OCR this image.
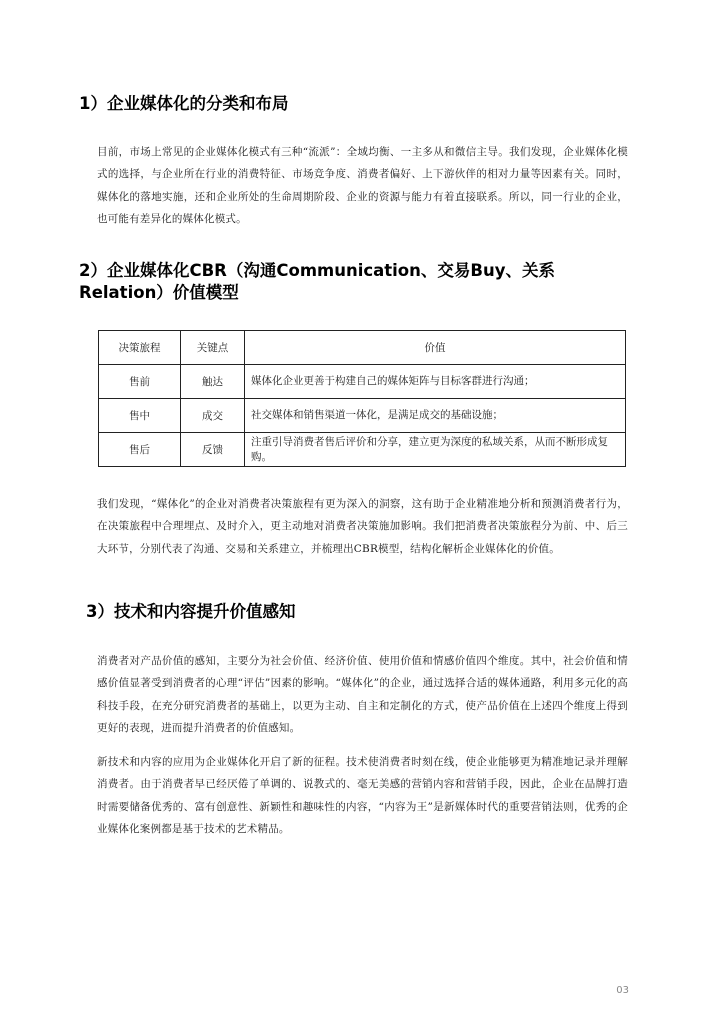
1）企业媒体化的分类和布局

目前，市场上常见的企业媒体化模式有三种“流派”：全域均衡、一主多从和微信主导。我们发现，企业媒体化模式的选择，与企业所在行业的消费特征、市场竞争度、消费者偏好、上下游伙伴的相对力量等因素有关。同时，媒体化的落地实施，还和企业所处的生命周期阶段、企业的资源与能力有着直接联系。所以，同一行业的企业，也可能有差异化的媒体化模式。

2）企业媒体化CBR（沟通Communication、交易Buy、关系Relation）价值模型
决策旅程	关键点	价值
售前	触达	媒体化企业更善于构建自己的媒体矩阵与目标客群进行沟通；
售中	成交	社交媒体和销售渠道一体化，是满足成交的基础设施；
售后	反馈	注重引导消费者售后评价和分享，建立更为深度的私域关系，从而不断形成复购。

我们发现，“媒体化”的企业对消费者决策旅程有更为深入的洞察，这有助于企业精准地分析和预测消费者行为，在决策旅程中合理埋点、及时介入，更主动地对消费者决策施加影响。我们把消费者决策旅程分为前、中、后三大环节，分别代表了沟通、交易和关系建立，并梳理出CBR模型，结构化解析企业媒体化的价值。

3）技术和内容提升价值感知

消费者对产品价值的感知，主要分为社会价值、经济价值、使用价值和情感价值四个维度。其中，社会价值和情感价值显著受到消费者的心理“评估”因素的影响。“媒体化”的企业，通过选择合适的媒体通路，利用多元化的高科技手段，在充分研究消费者的基础上，以更为主动、自主和定制化的方式，使产品价值在上述四个维度上得到更好的表现，进而提升消费者的价值感知。

新技术和内容的应用为企业媒体化开启了新的征程。技术使消费者时刻在线，使企业能够更为精准地记录并理解消费者。由于消费者早已经厌倦了单调的、说教式的、毫无美感的营销内容和营销手段，因此，企业在品牌打造时需要储备优秀的、富有创意性、新颖性和趣味性的内容，“内容为王”是新媒体时代的重要营销法则，优秀的企业媒体化案例都是基于技术的艺术精品。

03
